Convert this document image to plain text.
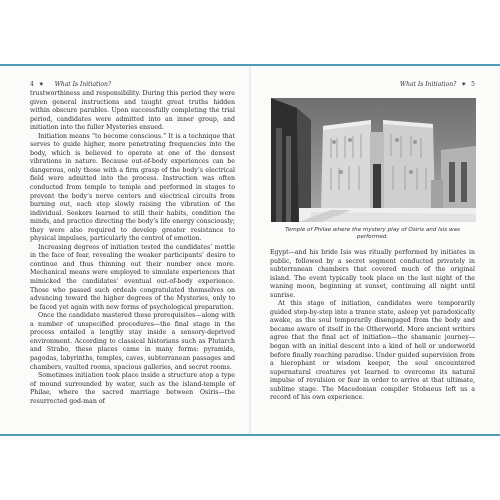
4 ✷ What Is Initiation?

trustworthiness and responsibility. During this period they were given general instructions and taught great truths hidden within obscure parables. Upon successfully completing the trial period, candidates were admitted into an inner group, and initiation into the fuller Mysteries ensued.

Initiation means “to become conscious.” It is a technique that serves to guide higher, more penetrating frequencies into the body, which is believed to operate at one of the densest vibrations in nature. Because out-of-body experiences can be dangerous, only those with a firm grasp of the body’s electrical field were admitted into the process. Instruction was often conducted from temple to temple and performed in stages to prevent the body’s nerve centers and electrical circuits from burning out, each step slowly raising the vibration of the individual. Seekers learned to still their habits, condition the minds, and practice directing the body’s life energy consciously; they were also required to develop greater resistance to physical impulses, particularly the control of emotion.

Increasing degrees of initiation tested the candidates’ mettle in the face of fear, revealing the weaker participants’ desire to continue and thus thinning out their number once more. Mechanical means were employed to simulate experiences that mimicked the candidates’ eventual out-of-body experience. Those who passed such ordeals congratulated themselves on advancing toward the higher degrees of the Mysteries, only to be faced yet again with new forms of psychological preparation.

Once the candidate mastered these prerequisites—along with a number of unspecified procedures—the final stage in the process entailed a lengthy stay inside a sensory-deprived environment. According to classical historians such as Plutarch and Strabo, these places came in many forms: pyramids, pagodas, labyrinths, temples, caves, subterranean passages and chambers, vaulted rooms, spacious galleries, and secret rooms.

Sometimes initiation took place inside a structure atop a type of mound surrounded by water, such as the island-temple of Philae, where the sacred marriage between Osiris—the resurrected god-man of

What Is Initiation? ✷ 5
Temple of Philae where the mystery play of Osiris and Isis was performed.

Egypt—and his bride Isis was ritually performed by initiates in public, followed by a secret segment conducted privately in subterranean chambers that covered much of the original island. The event typically took place on the last night of the waning moon, beginning at sunset, continuing all night until sunrise.

At this stage of initiation, candidates were temporarily guided step-by-step into a trance state, asleep yet paradoxically awake, as the soul temporarily disengaged from the body and became aware of itself in the Otherworld. More ancient writers agree that the final act of initiation—the shamanic journey—began with an initial descent into a kind of hell or underworld before finally reaching paradise. Under guided supervision from a hierophant or wisdom keeper, the soul encountered supernatural creatures yet learned to overcome its natural impulse of revulsion or fear in order to arrive at that ultimate, sublime stage. The Macedonian compiler Stobaeus left us a record of his own experience.
